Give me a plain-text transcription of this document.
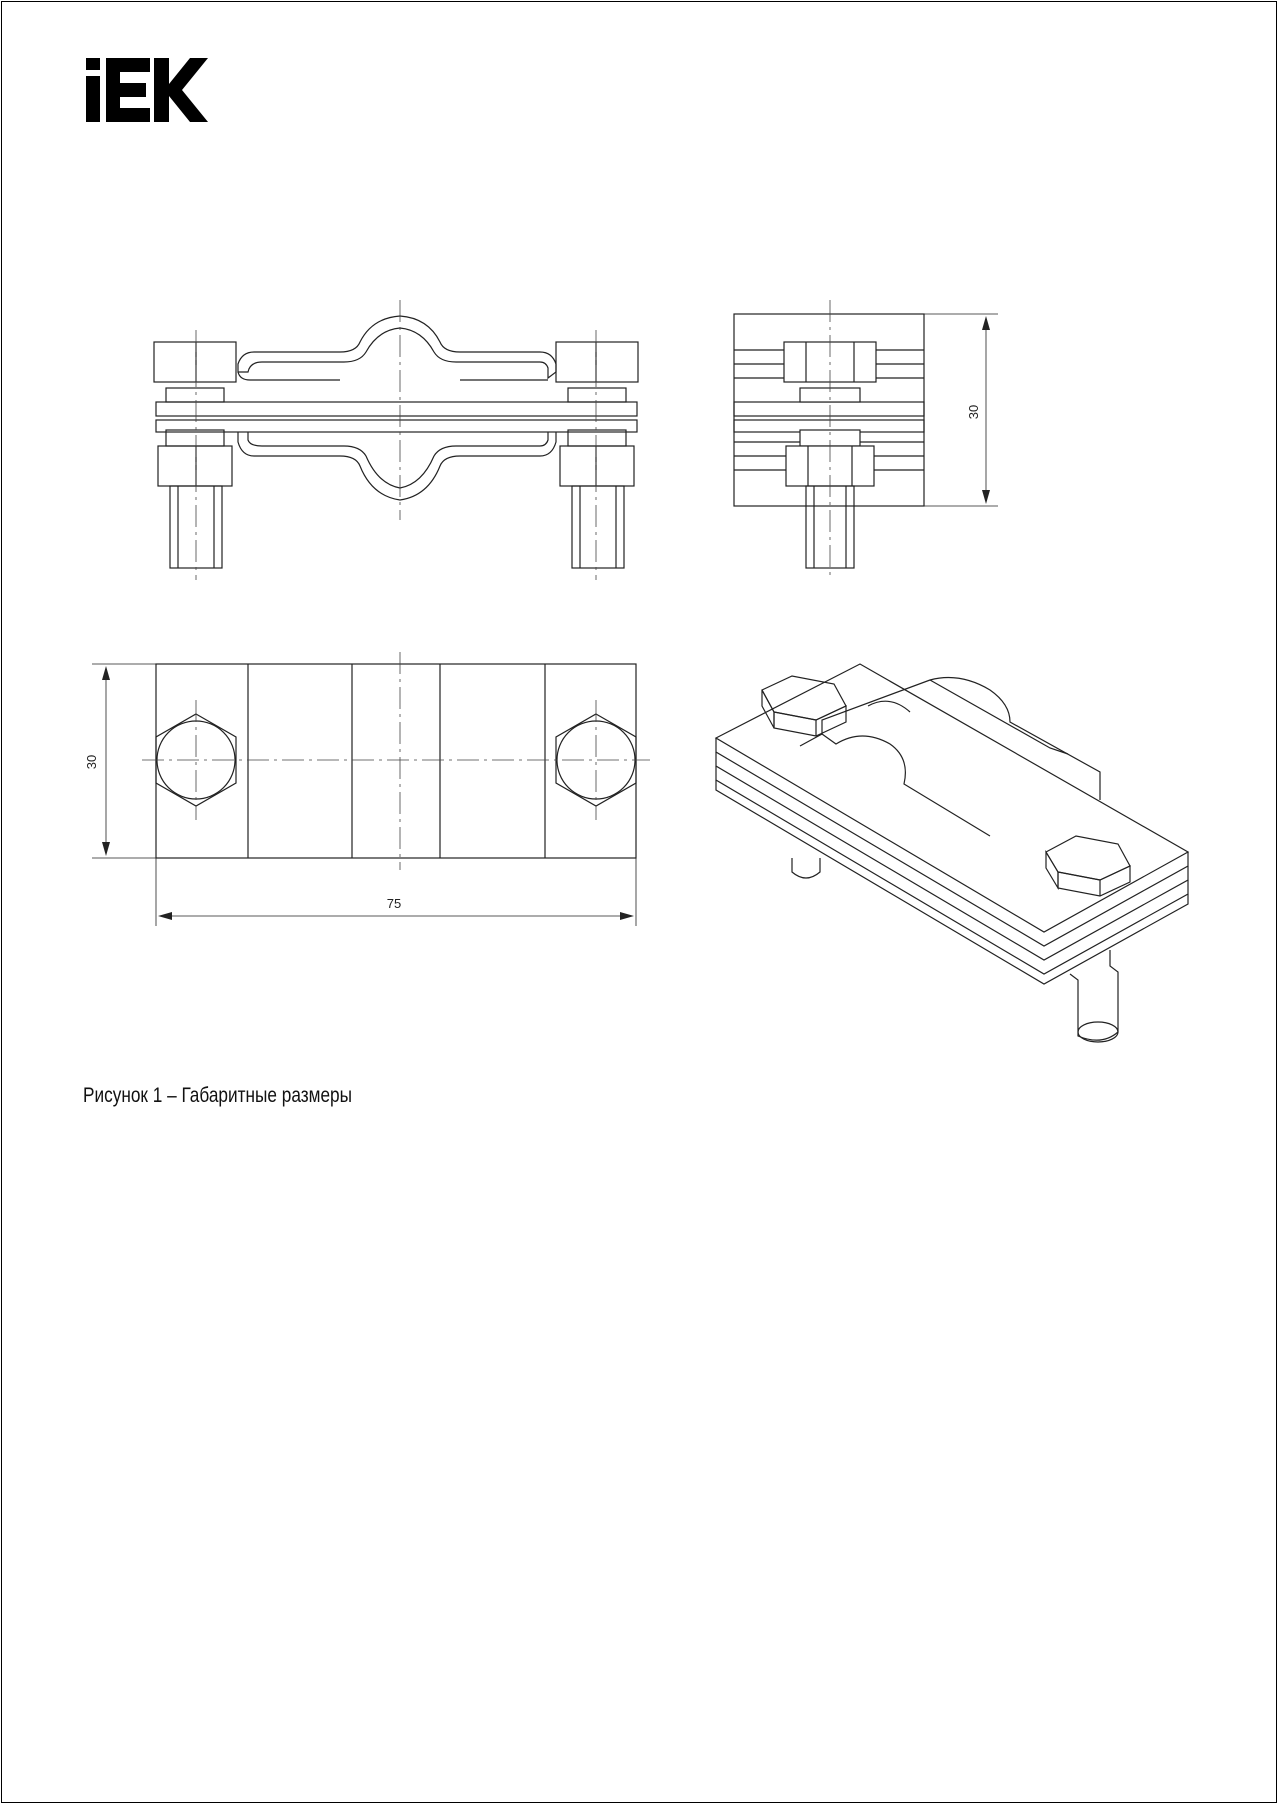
30
30
75
Рисунок 1 – Габаритные размеры
